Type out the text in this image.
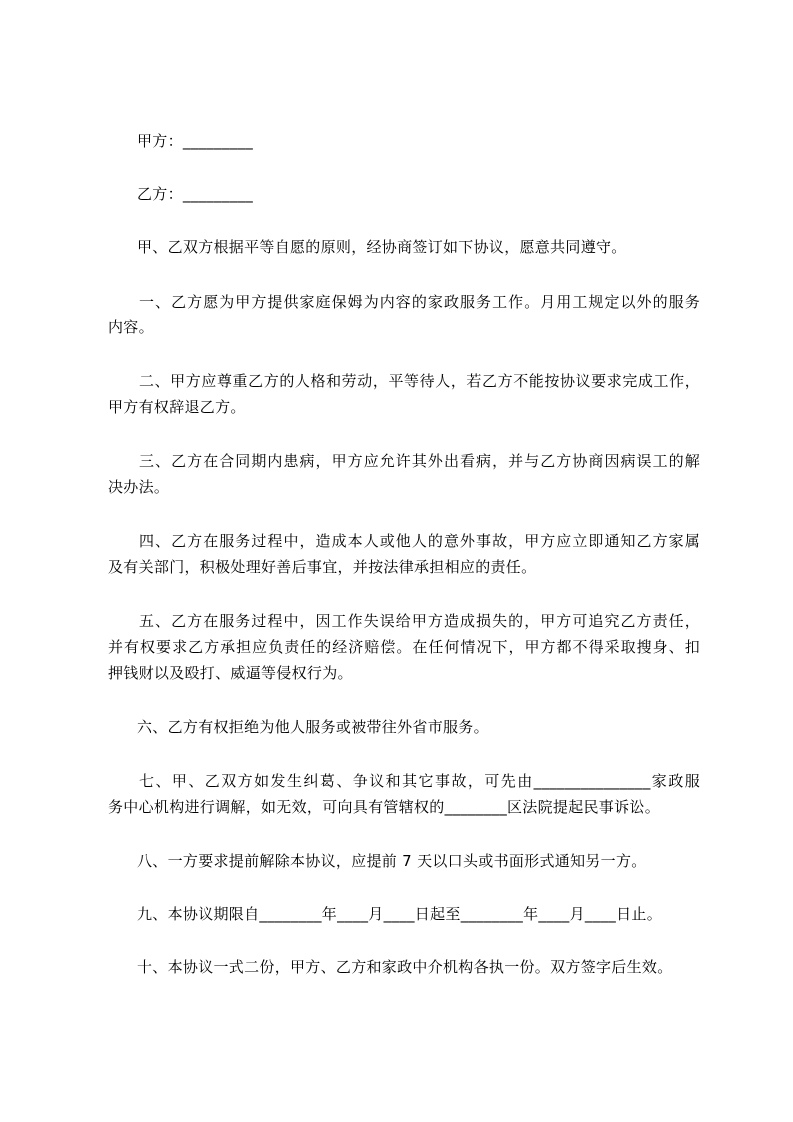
甲方：_________
乙方：_________
甲、乙双方根据平等自愿的原则，经协商签订如下协议，愿意共同遵守。
一、乙方愿为甲方提供家庭保姆为内容的家政服务工作。月用工规定以外的服务
内容。
二、甲方应尊重乙方的人格和劳动，平等待人，若乙方不能按协议要求完成工作，
甲方有权辞退乙方。
三、乙方在合同期内患病，甲方应允许其外出看病，并与乙方协商因病误工的解
决办法。
四、乙方在服务过程中，造成本人或他人的意外事故，甲方应立即通知乙方家属
及有关部门，积极处理好善后事宜，并按法律承担相应的责任。
五、乙方在服务过程中，因工作失误给甲方造成损失的，甲方可追究乙方责任，
并有权要求乙方承担应负责任的经济赔偿。在任何情况下，甲方都不得采取搜身、扣
押钱财以及殴打、威逼等侵权行为。
六、乙方有权拒绝为他人服务或被带往外省市服务。
七、甲、乙双方如发生纠葛、争议和其它事故，可先由_______________家政服
务中心机构进行调解，如无效，可向具有管辖权的________区法院提起民事诉讼。
八、一方要求提前解除本协议，应提前 7 天以口头或书面形式通知另一方。
九、本协议期限自________年____月____日起至________年____月____日止。
十、本协议一式二份，甲方、乙方和家政中介机构各执一份。双方签字后生效。
